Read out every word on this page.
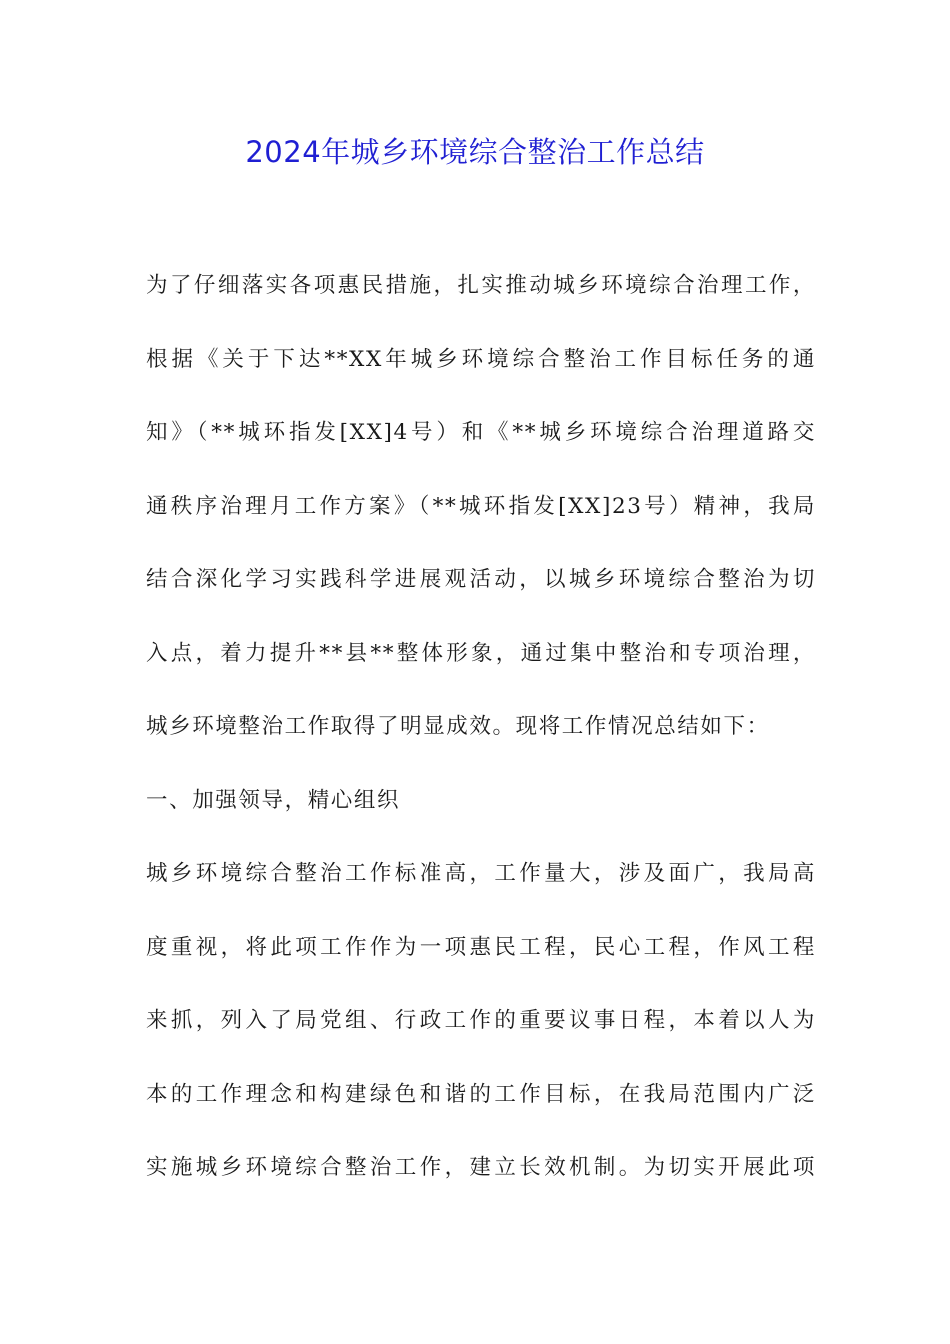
2024年城乡环境综合整治工作总结
为了仔细落实各项惠民措施，扎实推动城乡环境综合治理工作，
根据《关于下达**XX年城乡环境综合整治工作目标任务的通
知》（**城环指发[XX]4号）和《**城乡环境综合治理道路交
通秩序治理月工作方案》（**城环指发[XX]23号）精神，我局
结合深化学习实践科学进展观活动，以城乡环境综合整治为切
入点，着力提升**县**整体形象，通过集中整治和专项治理，
城乡环境整治工作取得了明显成效。现将工作情况总结如下：
一、加强领导，精心组织
城乡环境综合整治工作标准高，工作量大，涉及面广，我局高
度重视，将此项工作作为一项惠民工程，民心工程，作风工程
来抓，列入了局党组、行政工作的重要议事日程，本着以人为
本的工作理念和构建绿色和谐的工作目标，在我局范围内广泛
实施城乡环境综合整治工作，建立长效机制。为切实开展此项
